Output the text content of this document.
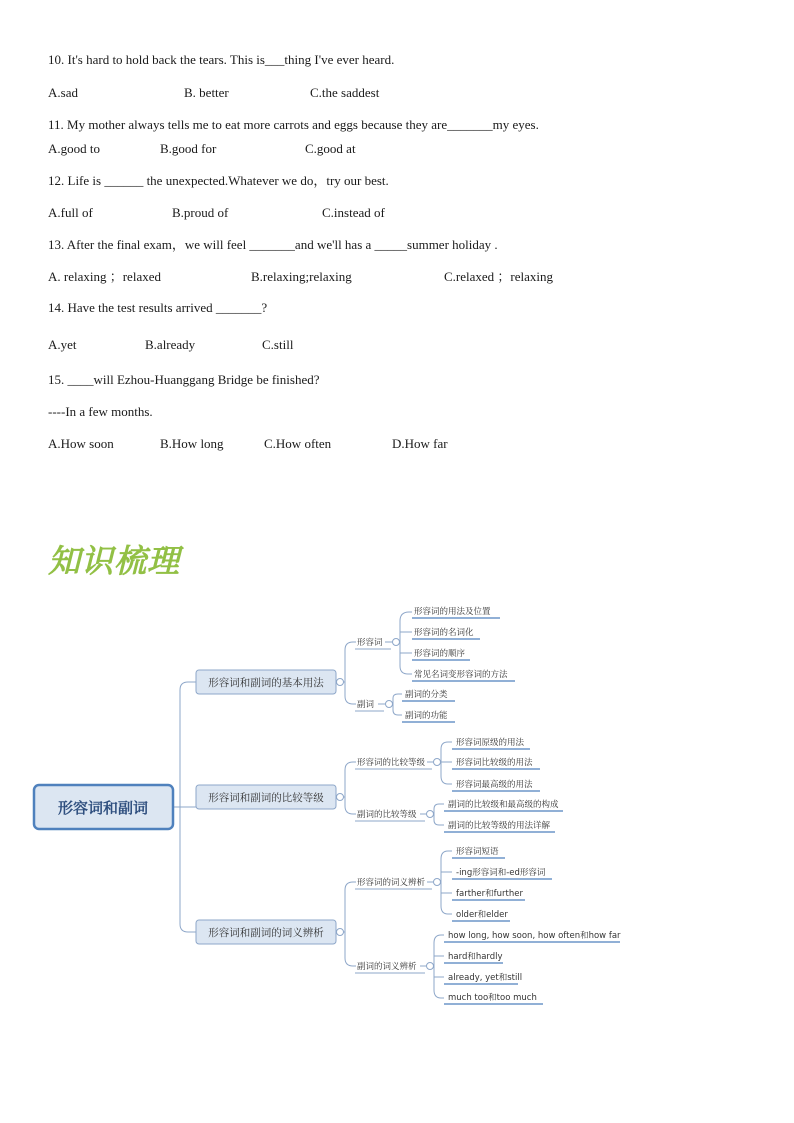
10. It's hard to hold back the tears. This is___thing I've ever heard.
A.sad	B. better	C.the saddest
11. My mother always tells me to eat more carrots and eggs because they are_______my eyes.
A.good to	B.good for	C.good at
12. Life is ______ the unexpected.Whatever we do，try our best.
A.full of	B.proud of	C.instead of
13. After the final exam，we will feel _______and we'll has a _____summer holiday .
A. relaxing ；relaxed	B.relaxing;relaxing	C.relaxed ；relaxing
14. Have the test results arrived _______?
A.yet	B.already	C.still
15. ____will Ezhou-Huanggang Bridge be finished?
----In a few months.
A.How soon	B.How long	C.How often	D.How far
知识梳理
形容词和副词
形容词和副词的基本用法
形容词和副词的比较等级
形容词和副词的词义辨析
形容词
副词
形容词的比较等级
副词的比较等级
形容词的词义辨析
副词的词义辨析
形容词的用法及位置
形容词的名词化
形容词的顺序
常见名词变形容词的方法
副词的分类
副词的功能
形容词原级的用法
形容词比较级的用法
形容词最高级的用法
副词的比较级和最高级的构成
副词的比较等级的用法详解
形容词短语
-ing形容词和-ed形容词
farther和further
older和elder
how long, how soon, how often和how far
hard和hardly
already, yet和still
much too和too much
